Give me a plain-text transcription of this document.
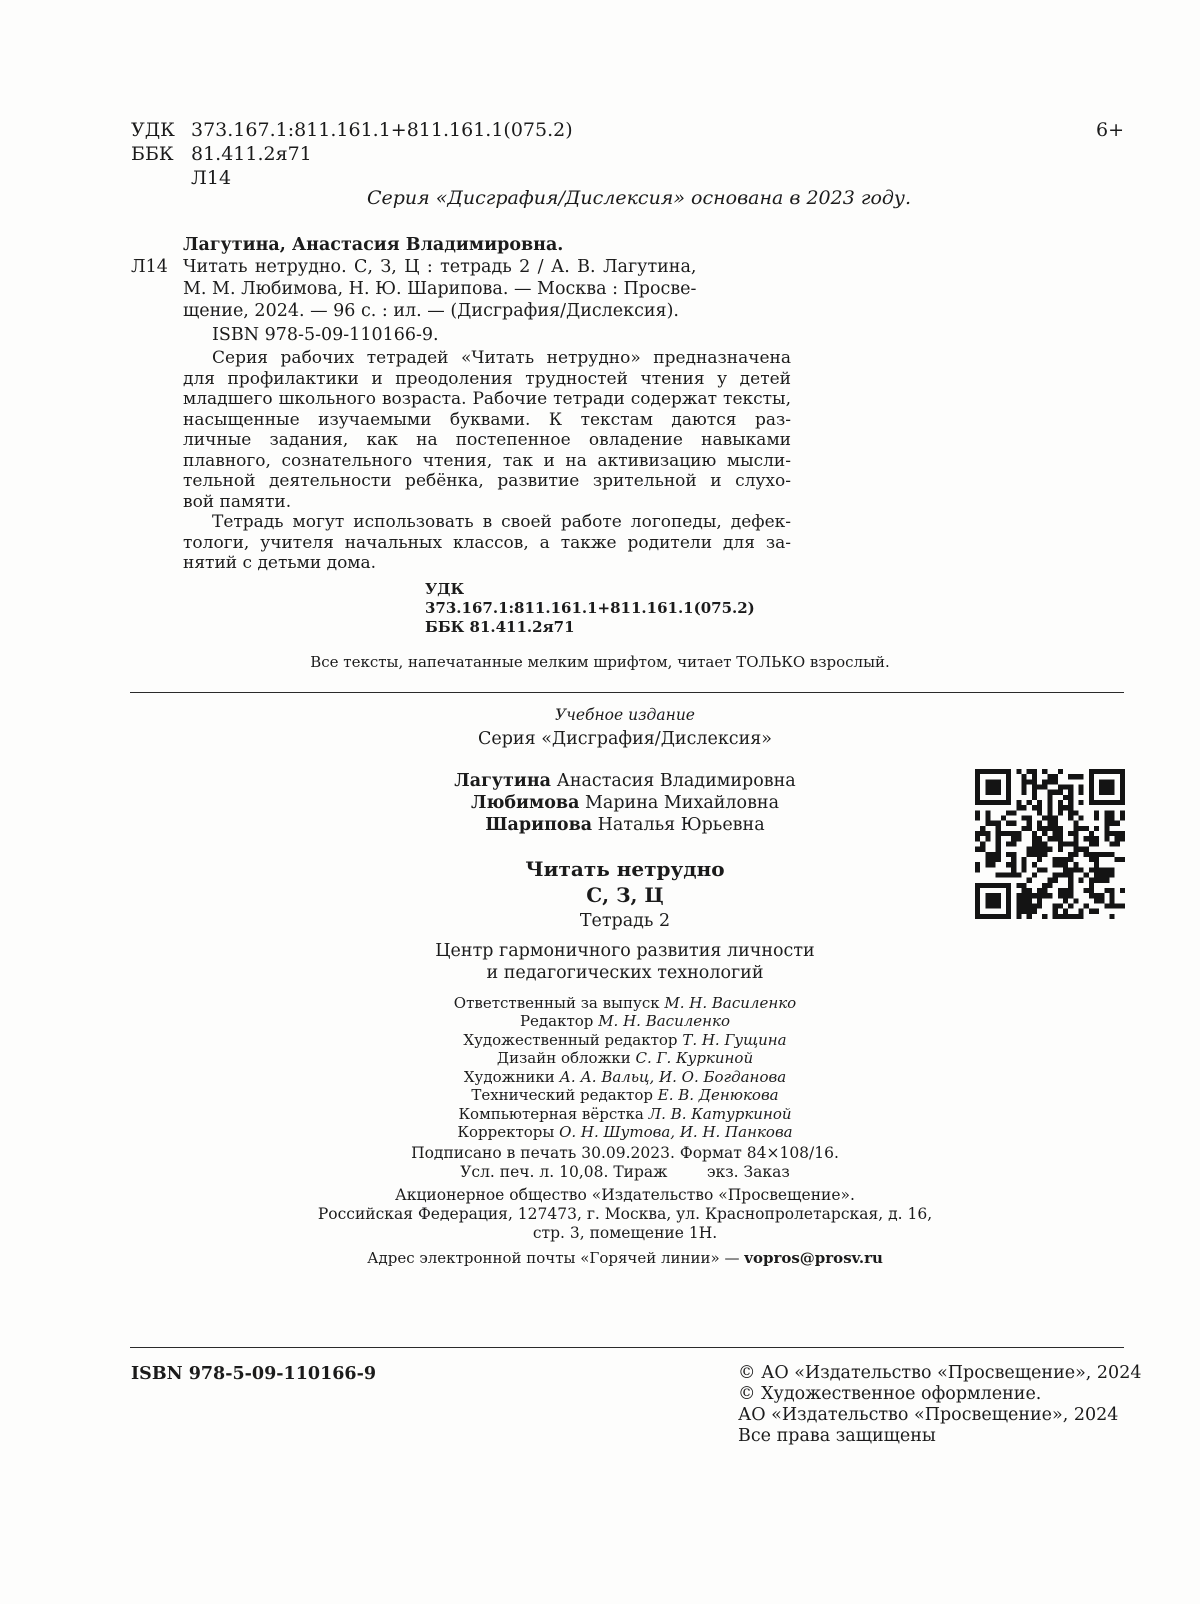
УДК 373.167.1:811.161.1+811.161.1(075.2)
ББК 81.411.2я71
Л14
6+
Серия «Дисграфия/Дислексия» основана в 2023 году.
Лагутина, Анастасия Владимировна.
Л14 Читать нетрудно. С, З, Ц : тетрадь 2 / А. В. Лагутина,
М. М. Любимова, Н. Ю. Шарипова. — Москва : Просве-
щение, 2024. — 96 с. : ил. — (Дисграфия/Дислексия).
ISBN 978-5-09-110166-9.
Серия рабочих тетрадей «Читать нетрудно» предназначена
для профилактики и преодоления трудностей чтения у детей
младшего школьного возраста. Рабочие тетради содержат тексты,
насыщенные изучаемыми буквами. К текстам даются раз-
личные задания, как на постепенное овладение навыками
плавного, сознательного чтения, так и на активизацию мысли-
тельной деятельности ребёнка, развитие зрительной и слухо-
вой памяти.
Тетрадь могут использовать в своей работе логопеды, дефек-
тологи, учителя начальных классов, а также родители для за-
нятий с детьми дома.
УДК 373.167.1:811.161.1+811.161.1(075.2)
ББК 81.411.2я71
Все тексты, напечатанные мелким шрифтом, читает ТОЛЬКО взрослый.
Учебное издание
Серия «Дисграфия/Дислексия»
Лагутина Анастасия Владимировна
Любимова Марина Михайловна
Шарипова Наталья Юрьевна
Читать нетрудно
С, З, Ц
Тетрадь 2
Центр гармоничного развития личности
и педагогических технологий
Ответственный за выпуск М. Н. Василенко
Редактор М. Н. Василенко
Художественный редактор Т. Н. Гущина
Дизайн обложки С. Г. Куркиной
Художники А. А. Вальц, И. О. Богданова
Технический редактор Е. В. Денюкова
Компьютерная вёрстка Л. В. Катуркиной
Корректоры О. Н. Шутова, И. Н. Панкова
Подписано в печать 30.09.2023. Формат 84×108/16.
Усл. печ. л. 10,08. Тираж        экз. Заказ
Акционерное общество «Издательство «Просвещение».
Российская Федерация, 127473, г. Москва, ул. Краснопролетарская, д. 16,
стр. 3, помещение 1Н.
Адрес электронной почты «Горячей линии» — vopros@prosv.ru
ISBN 978-5-09-110166-9	© АО «Издательство «Просвещение», 2024
© Художественное оформление.
АО «Издательство «Просвещение», 2024
Все права защищены
